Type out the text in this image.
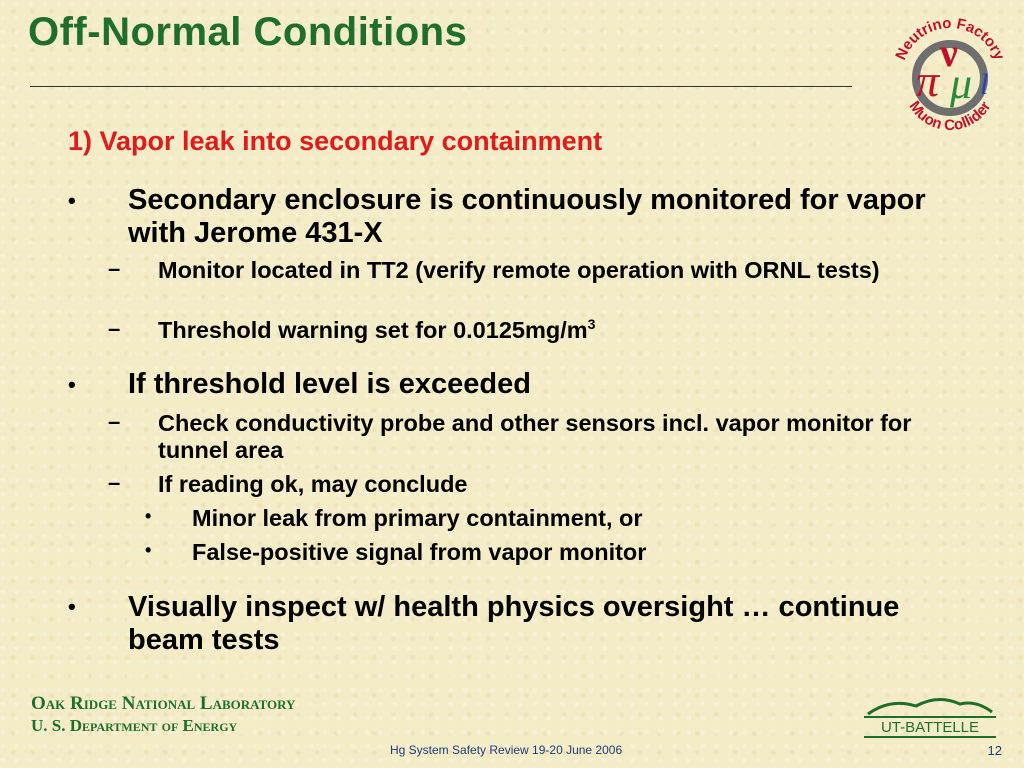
Off-Normal Conditions
Neutrino Factory
Muon Collider
π
ν
μ l
1) Vapor leak into secondary containment
• Secondary enclosure is continuously monitored for vapor with Jerome 431-X
– Monitor located in TT2 (verify remote operation with ORNL tests)
– Threshold warning set for $0.0125mg/m^3$
• If threshold level is exceeded
– Check conductivity probe and other sensors incl. vapor monitor for tunnel area
– If reading ok, may conclude
• Minor leak from primary containment, or
• False-positive signal from vapor monitor
• Visually inspect w/ health physics oversight … continue beam tests
Oak Ridge National Laboratory
U. S. Department of Energy	UT-BATTELLE
Hg System Safety Review 19-20 June 2006	12
